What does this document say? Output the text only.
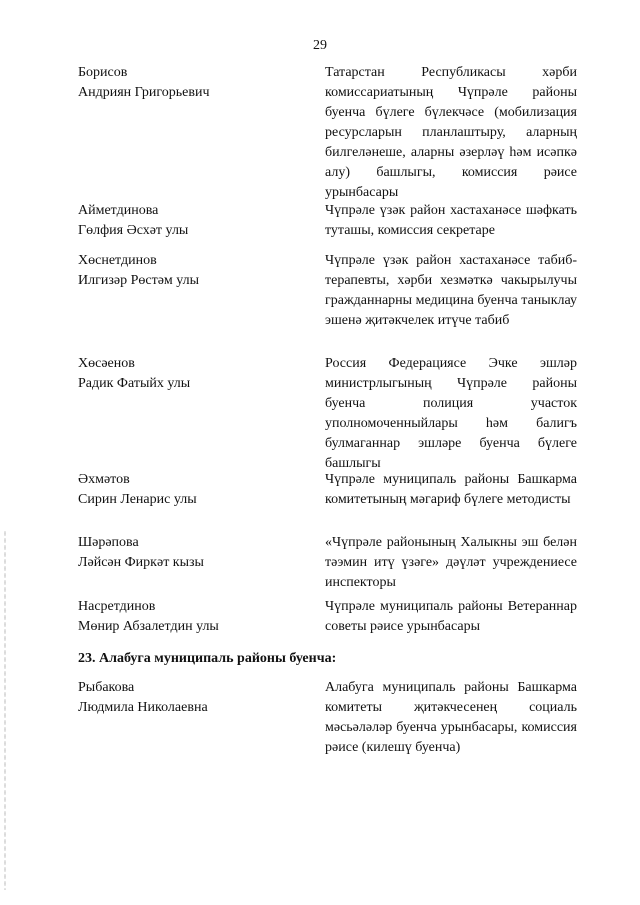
29
Борисов
Андриян Григорьевич
Татарстан Республикасы хәрби комиссариатының Чүпрәле районы буенча бүлеге бүлекчәсе (мобилизация ресурсларын планлаштыру, аларның билгеләнеше, аларны әзерләү һәм исәпкә алу) башлыгы, комиссия рәисе урынбасары
Айметдинова
Гөлфия Әсхәт улы
Чүпрәле үзәк район хастаханәсе шәфкать туташы, комиссия секретаре
Хөснетдинов
Илгизәр Рөстәм улы
Чүпрәле үзәк район хастаханәсе табиб-терапевты, хәрби хезмәткә чакырылучы гражданнарны медицина буенча таныклау эшенә җитәкчелек итүче табиб
Хөсәенов
Радик Фатыйх улы
Россия Федерациясе Эчке эшләр министрлыгының Чүпрәле районы буенча полиция участок уполномоченныйлары һәм балигъ булмаганнар эшләре буенча бүлеге башлыгы
Әхмәтов
Сирин Ленарис улы
Чүпрәле муниципаль районы Башкарма комитетының мәгариф бүлеге методисты
Шәрәпова
Ләйсән Фиркәт кызы
«Чүпрәле районының Халыкны эш белән тәэмин итү үзәге» дәүләт учреждениесе инспекторы
Насретдинов
Мөнир Абзалетдин улы
Чүпрәле муниципаль районы Ветераннар советы рәисе урынбасары
23. Алабуга муниципаль районы буенча:
Рыбакова
Людмила Николаевна
Алабуга муниципаль районы Башкарма комитеты җитәкчесенең социаль мәсьәләләр буенча урынбасары, комиссия рәисе (килешү буенча)
